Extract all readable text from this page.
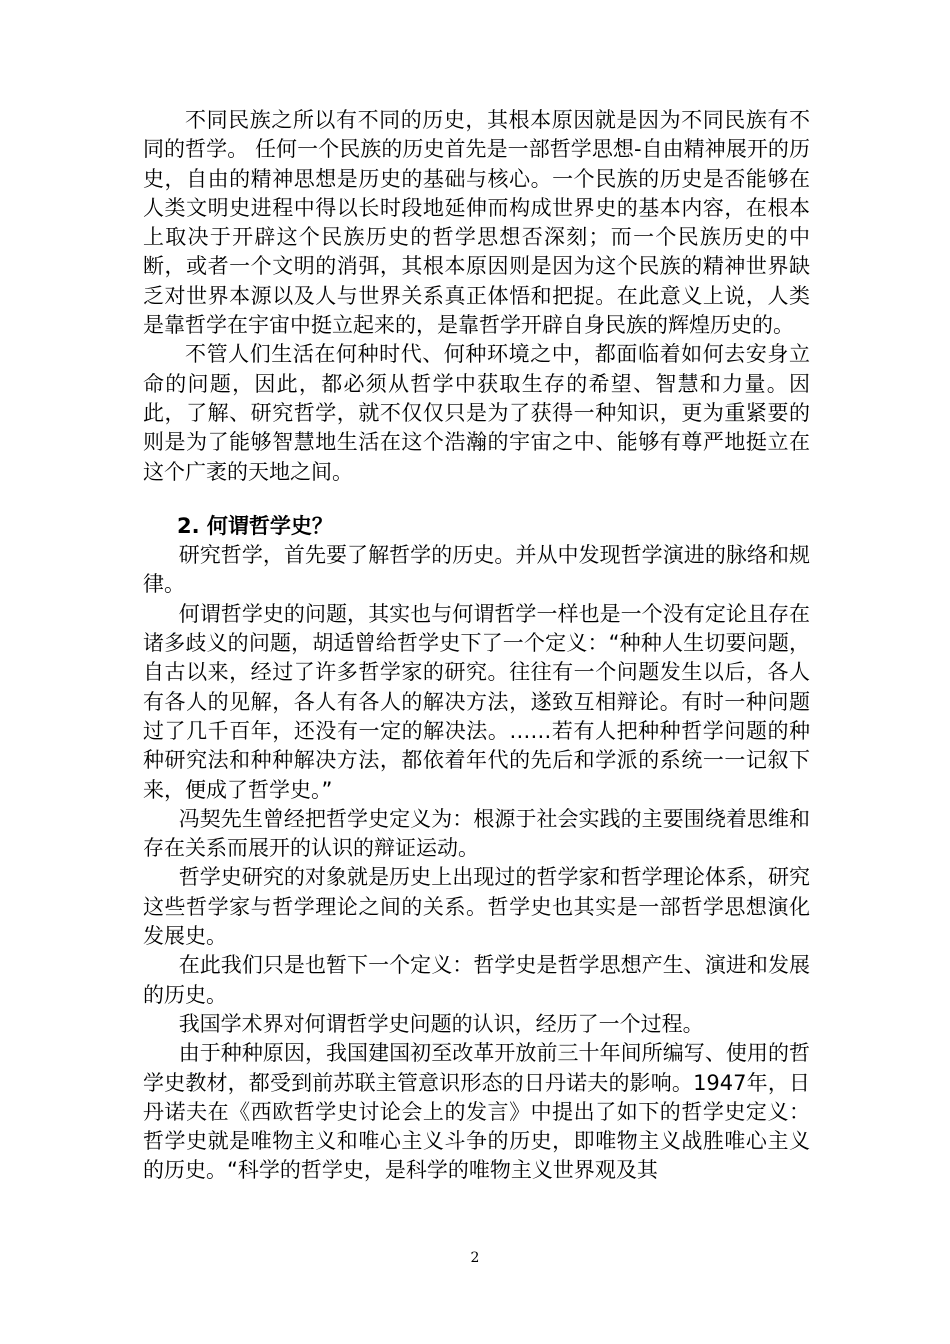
不同民族之所以有不同的历史，其根本原因就是因为不同民族有不同的哲学。 任何一个民族的历史首先是一部哲学思想-自由精神展开的历史，自由的精神思想是历史的基础与核心。一个民族的历史是否能够在人类文明史进程中得以长时段地延伸而构成世界史的基本内容，在根本上取决于开辟这个民族历史的哲学思想否深刻；而一个民族历史的中断，或者一个文明的消弭，其根本原因则是因为这个民族的精神世界缺乏对世界本源以及人与世界关系真正体悟和把捉。在此意义上说，人类是靠哲学在宇宙中挺立起来的，是靠哲学开辟自身民族的辉煌历史的。

不管人们生活在何种时代、何种环境之中，都面临着如何去安身立命的问题，因此，都必须从哲学中获取生存的希望、智慧和力量。因此，了解、研究哲学，就不仅仅只是为了获得一种知识，更为重紧要的则是为了能够智慧地生活在这个浩瀚的宇宙之中、能够有尊严地挺立在这个广袤的天地之间。

2. 何谓哲学史？

研究哲学，首先要了解哲学的历史。并从中发现哲学演进的脉络和规律。

何谓哲学史的问题，其实也与何谓哲学一样也是一个没有定论且存在诸多歧义的问题，胡适曾给哲学史下了一个定义：“种种人生切要问题，自古以来，经过了许多哲学家的研究。往往有一个问题发生以后，各人有各人的见解，各人有各人的解决方法，遂致互相辩论。有时一种问题过了几千百年，还没有一定的解决法。……若有人把种种哲学问题的种种研究法和种种解决方法，都依着年代的先后和学派的系统一一记叙下来，便成了哲学史。”

冯契先生曾经把哲学史定义为：根源于社会实践的主要围绕着思维和存在关系而展开的认识的辩证运动。

哲学史研究的对象就是历史上出现过的哲学家和哲学理论体系，研究这些哲学家与哲学理论之间的关系。哲学史也其实是一部哲学思想演化发展史。

在此我们只是也暂下一个定义：哲学史是哲学思想产生、演进和发展的历史。

我国学术界对何谓哲学史问题的认识，经历了一个过程。

由于种种原因，我国建国初至改革开放前三十年间所编写、使用的哲学史教材，都受到前苏联主管意识形态的日丹诺夫的影响。1947年，日丹诺夫在《西欧哲学史讨论会上的发言》中提出了如下的哲学史定义：哲学史就是唯物主义和唯心主义斗争的历史，即唯物主义战胜唯心主义的历史。“科学的哲学史，是科学的唯物主义世界观及其

2
